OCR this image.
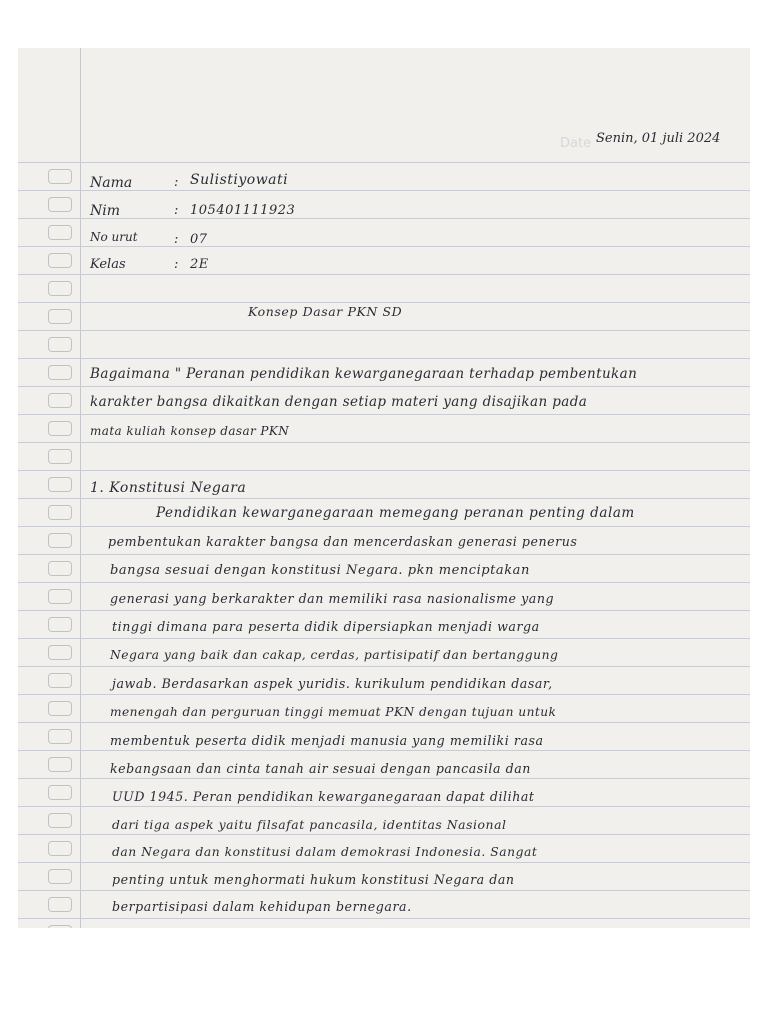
Date Senin, 01 juli 2024
Nama	: Sulistiyowati
Nim	: 105401111923
No urut	: 07
Kelas	: 2E
Konsep Dasar PKN SD
Bagaimana " Peranan pendidikan kewarganegaraan terhadap pembentukan
karakter bangsa dikaitkan dengan setiap materi yang disajikan pada
mata kuliah konsep dasar PKN
1. Konstitusi Negara
Pendidikan kewarganegaraan memegang peranan penting dalam
pembentukan karakter bangsa dan mencerdaskan generasi penerus
bangsa sesuai dengan konstitusi Negara. pkn menciptakan
generasi yang berkarakter dan memiliki rasa nasionalisme yang
tinggi dimana para peserta didik dipersiapkan menjadi warga
Negara yang baik dan cakap, cerdas, partisipatif dan bertanggung
jawab. Berdasarkan aspek yuridis. kurikulum pendidikan dasar,
menengah dan perguruan tinggi memuat PKN dengan tujuan untuk
membentuk peserta didik menjadi manusia yang memiliki rasa
kebangsaan dan cinta tanah air sesuai dengan pancasila dan
UUD 1945. Peran pendidikan kewarganegaraan dapat dilihat
dari tiga aspek yaitu filsafat pancasila, identitas Nasional
dan Negara dan konstitusi dalam demokrasi Indonesia. Sangat
penting untuk menghormati hukum konstitusi Negara dan
berpartisipasi dalam kehidupan bernegara.
